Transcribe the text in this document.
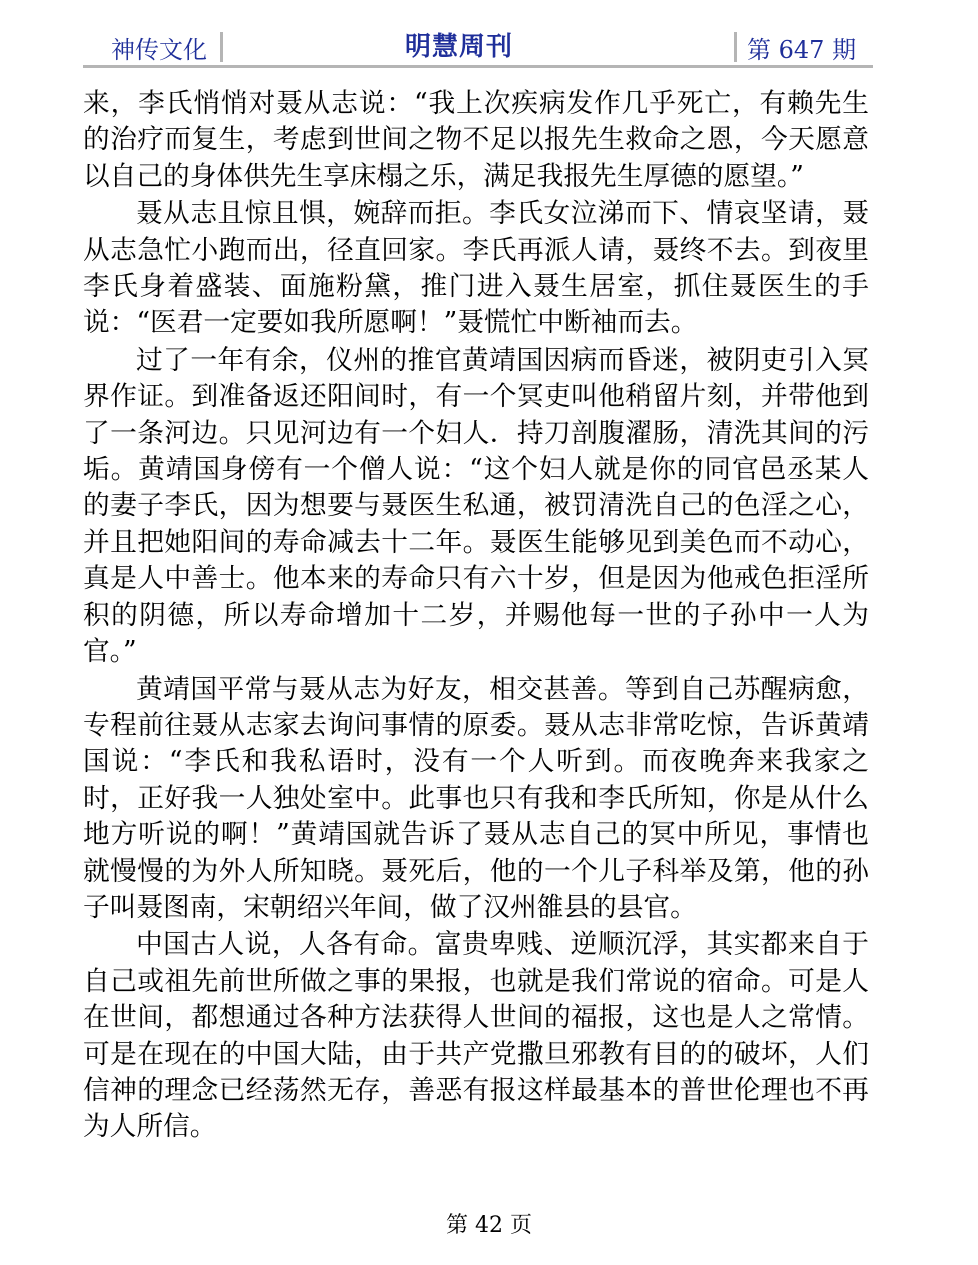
神传文化	明慧周刊	第 647 期

来，李氏悄悄对聂从志说：“我上次疾病发作几乎死亡，有赖先生的治疗而复生，考虑到世间之物不足以报先生救命之恩，今天愿意以自己的身体供先生享床榻之乐，满足我报先生厚德的愿望。”

聂从志且惊且惧，婉辞而拒。李氏女泣涕而下、情哀坚请，聂从志急忙小跑而出，径直回家。李氏再派人请，聂终不去。到夜里李氏身着盛装、面施粉黛，推门进入聂生居室，抓住聂医生的手说：“医君一定要如我所愿啊！”聂慌忙中断袖而去。

过了一年有余，仪州的推官黄靖国因病而昏迷，被阴吏引入冥界作证。到准备返还阳间时，有一个冥吏叫他稍留片刻，并带他到了一条河边。只见河边有一个妇人．持刀剖腹濯肠，清洗其间的污垢。黄靖国身傍有一个僧人说：“这个妇人就是你的同官邑丞某人的妻子李氏，因为想要与聂医生私通，被罚清洗自己的色淫之心，并且把她阳间的寿命减去十二年。聂医生能够见到美色而不动心，真是人中善士。他本来的寿命只有六十岁，但是因为他戒色拒淫所积的阴德，所以寿命增加十二岁，并赐他每一世的子孙中一人为官。”

黄靖国平常与聂从志为好友，相交甚善。等到自己苏醒病愈，专程前往聂从志家去询问事情的原委。聂从志非常吃惊，告诉黄靖国说：“李氏和我私语时，没有一个人听到。而夜晚奔来我家之时，正好我一人独处室中。此事也只有我和李氏所知，你是从什么地方听说的啊！”黄靖国就告诉了聂从志自己的冥中所见，事情也就慢慢的为外人所知晓。聂死后，他的一个儿子科举及第，他的孙子叫聂图南，宋朝绍兴年间，做了汉州雒县的县官。

中国古人说，人各有命。富贵卑贱、逆顺沉浮，其实都来自于自己或祖先前世所做之事的果报，也就是我们常说的宿命。可是人在世间，都想通过各种方法获得人世间的福报，这也是人之常情。可是在现在的中国大陆，由于共产党撒旦邪教有目的的破坏，人们信神的理念已经荡然无存，善恶有报这样最基本的普世伦理也不再为人所信。

第 42 页
